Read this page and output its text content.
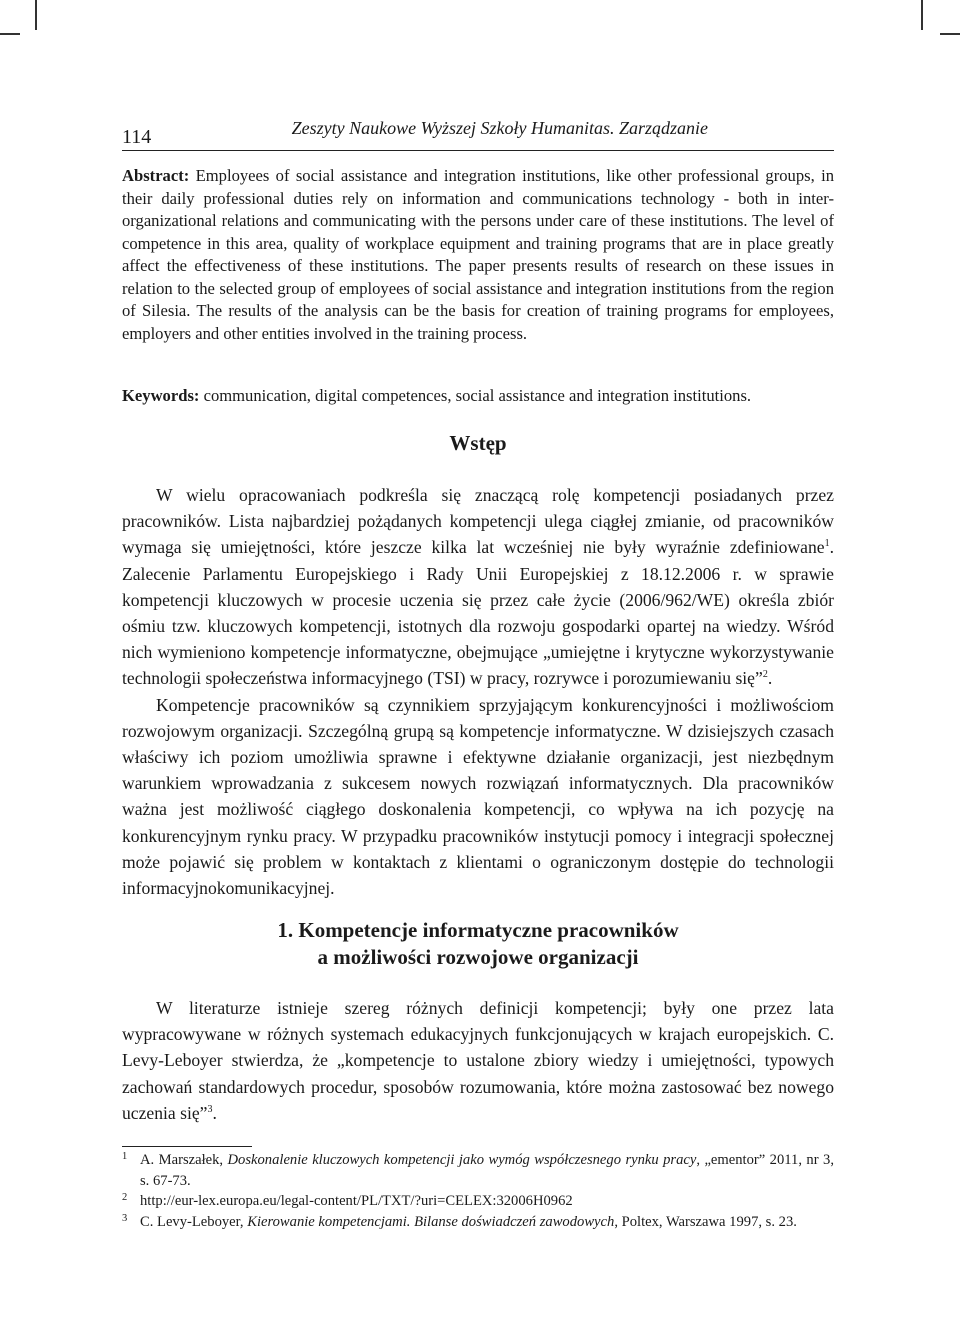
114	Zeszyty Naukowe Wyższej Szkoły Humanitas. Zarządzanie
Abstract: Employees of social assistance and integration institutions, like other professional groups, in their daily professional duties rely on information and communications technology - both in inter-organizational relations and communicating with the persons under care of these institutions. The level of competence in this area, quality of workplace equipment and training programs that are in place greatly affect the effectiveness of these institutions. The paper presents results of research on these issues in relation to the selected group of employees of social assistance and integration institutions from the region of Silesia. The results of the analysis can be the basis for creation of training programs for employees, employers and other entities involved in the training process.
Keywords: communication, digital competences, social assistance and integration institutions.
Wstęp

W wielu opracowaniach podkreśla się znaczącą rolę kompetencji posiadanych przez pracowników. Lista najbardziej pożądanych kompetencji ulega ciągłej zmianie, od pracowników wymaga się umiejętności, które jeszcze kilka lat wcześniej nie były wyraźnie zdefiniowane$^1$. Zalecenie Parlamentu Europejskiego i Rady Unii Europejskiej z 18.12.2006 r. w sprawie kompetencji kluczowych w procesie uczenia się przez całe życie (2006/962/WE) określa zbiór ośmiu tzw. kluczowych kompetencji, istotnych dla rozwoju gospodarki opartej na wiedzy. Wśród nich wymieniono kompetencje informatyczne, obejmujące „umiejętne i krytyczne wykorzystywanie technologii społeczeństwa informacyjnego (TSI) w pracy, rozrywce i porozumiewaniu się”$^2$.

Kompetencje pracowników są czynnikiem sprzyjającym konkurencyjności i możliwościom rozwojowym organizacji. Szczególną grupą są kompetencje informatyczne. W dzisiejszych czasach właściwy ich poziom umożliwia sprawne i efektywne działanie organizacji, jest niezbędnym warunkiem wprowadzania z sukcesem nowych rozwiązań informatycznych. Dla pracowników ważna jest możliwość ciągłego doskonalenia kompetencji, co wpływa na ich pozycję na konkurencyjnym rynku pracy. W przypadku pracowników instytucji pomocy i integracji społecznej może pojawić się problem w kontaktach z klientami o ograniczonym dostępie do technologii informacyjnokomunikacyjnej.

1. Kompetencje informatyczne pracowników
a możliwości rozwojowe organizacji

W literaturze istnieje szereg różnych definicji kompetencji; były one przez lata wypracowywane w różnych systemach edukacyjnych funkcjonujących w krajach europejskich. C. Levy-Leboyer stwierdza, że „kompetencje to ustalone zbiory wiedzy i umiejętności, typowych zachowań standardowych procedur, sposobów rozumowania, które można zastosować bez nowego uczenia się”$^3$.

1 A. Marszałek, Doskonalenie kluczowych kompetencji jako wymóg współczesnego rynku pracy, „ementor” 2011, nr 3, s. 67-73.
2 http://eur-lex.europa.eu/legal-content/PL/TXT/?uri=CELEX:32006H0962
3 C. Levy-Leboyer, Kierowanie kompetencjami. Bilanse doświadczeń zawodowych, Poltex, Warszawa 1997, s. 23.
